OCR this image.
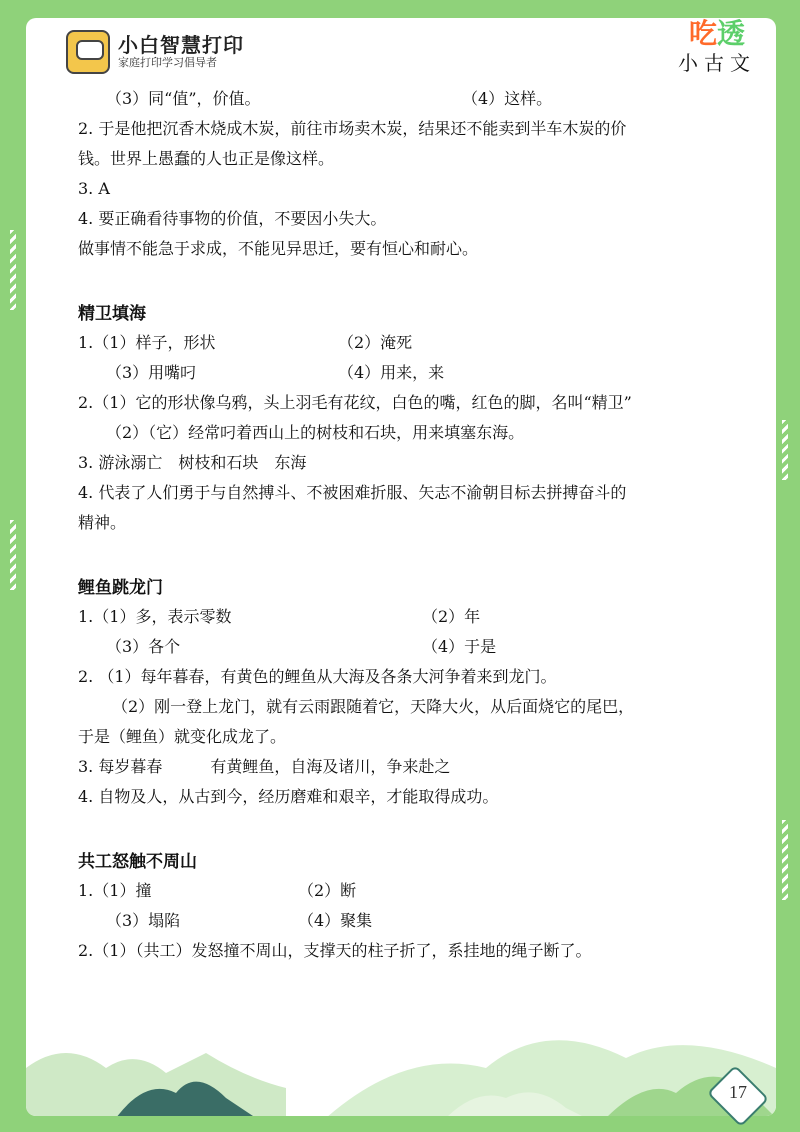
小白智慧打印
家庭打印学习倡导者
吃透
小古文
（3）同“值”，价值。	（4）这样。
2. 于是他把沉香木烧成木炭，前往市场卖木炭，结果还不能卖到半车木炭的价
钱。世界上愚蠢的人也正是像这样。
3. A
4. 要正确看待事物的价值，不要因小失大。
做事情不能急于求成，不能见异思迁，要有恒心和耐心。
精卫填海
1.（1）样子，形状	（2）淹死
（3）用嘴叼	（4）用来，来
2.（1）它的形状像乌鸦，头上羽毛有花纹，白色的嘴，红色的脚，名叫“精卫”
（2）（它）经常叼着西山上的树枝和石块，用来填塞东海。
3. 游泳溺亡　树枝和石块　东海
4. 代表了人们勇于与自然搏斗、不被困难折服、矢志不渝朝目标去拼搏奋斗的
精神。
鲤鱼跳龙门
1.（1）多，表示零数	（2）年
（3）各个	（4）于是
2. （1）每年暮春，有黄色的鲤鱼从大海及各条大河争着来到龙门。
（2）刚一登上龙门，就有云雨跟随着它，天降大火，从后面烧它的尾巴，
于是（鲤鱼）就变化成龙了。
3. 每岁暮春　　　有黄鲤鱼，自海及诸川，争来赴之
4. 自物及人，从古到今，经历磨难和艰辛，才能取得成功。
共工怒触不周山
1.（1）撞	（2）断
（3）塌陷	（4）聚集
2.（1）（共工）发怒撞不周山，支撑天的柱子折了，系挂地的绳子断了。
17
